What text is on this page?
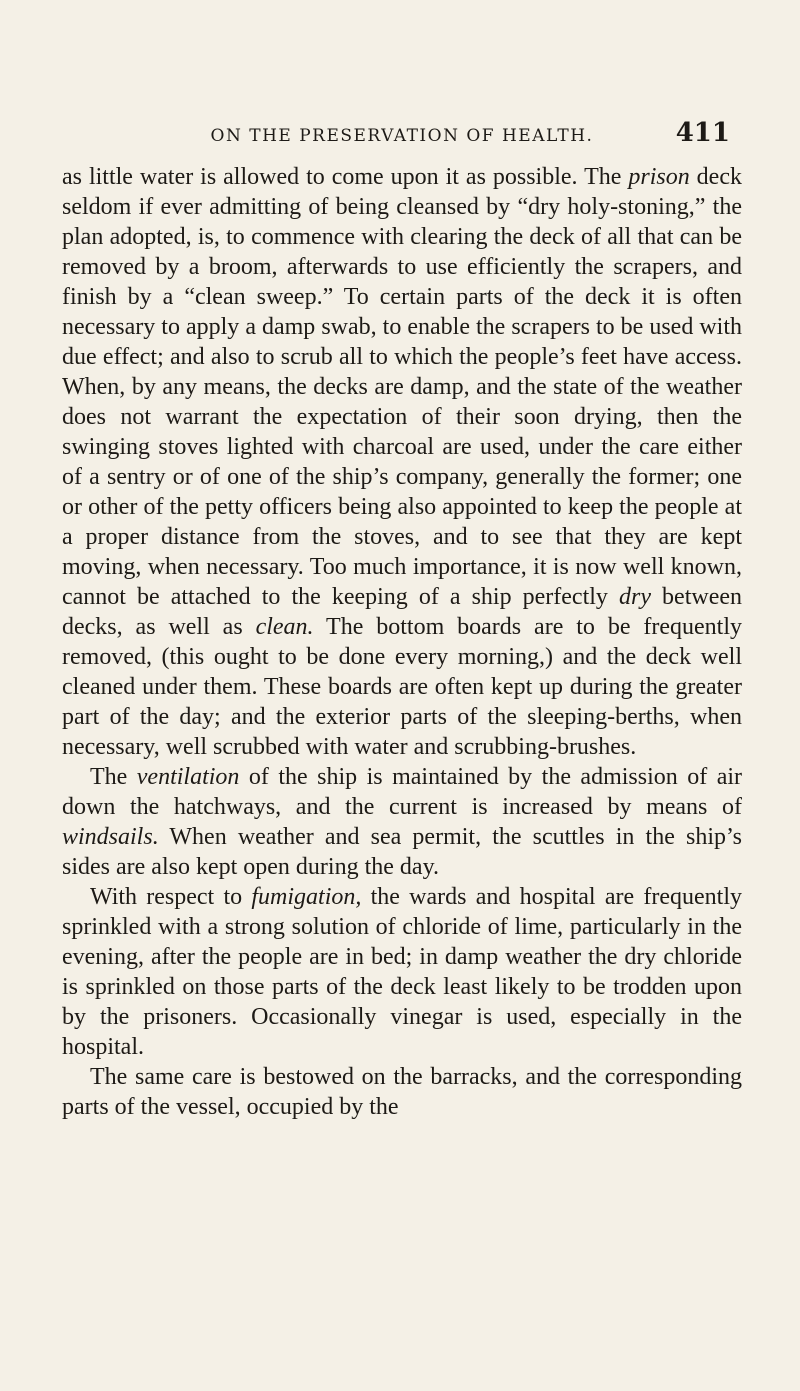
ON THE PRESERVATION OF HEALTH.	411

as little water is allowed to come upon it as possible. The prison deck seldom if ever admitting of being cleansed by “dry holy-stoning,” the plan adopted, is, to commence with clearing the deck of all that can be removed by a broom, afterwards to use efficiently the scrapers, and finish by a “clean sweep.” To certain parts of the deck it is often necessary to apply a damp swab, to enable the scrapers to be used with due effect; and also to scrub all to which the people’s feet have access. When, by any means, the decks are damp, and the state of the weather does not warrant the expectation of their soon drying, then the swinging stoves lighted with charcoal are used, under the care either of a sentry or of one of the ship’s company, generally the former; one or other of the petty officers being also appointed to keep the people at a proper distance from the stoves, and to see that they are kept moving, when necessary. Too much importance, it is now well known, cannot be attached to the keeping of a ship perfectly dry between decks, as well as clean. The bottom boards are to be frequently removed, (this ought to be done every morning,) and the deck well cleaned under them. These boards are often kept up during the greater part of the day; and the exterior parts of the sleeping-berths, when necessary, well scrubbed with water and scrubbing-brushes.

The ventilation of the ship is maintained by the admission of air down the hatchways, and the current is increased by means of windsails. When weather and sea permit, the scuttles in the ship’s sides are also kept open during the day.

With respect to fumigation, the wards and hospital are frequently sprinkled with a strong solution of chloride of lime, particularly in the evening, after the people are in bed; in damp weather the dry chloride is sprinkled on those parts of the deck least likely to be trodden upon by the prisoners. Occasionally vinegar is used, especially in the hospital.

The same care is bestowed on the barracks, and the corresponding parts of the vessel, occupied by the
